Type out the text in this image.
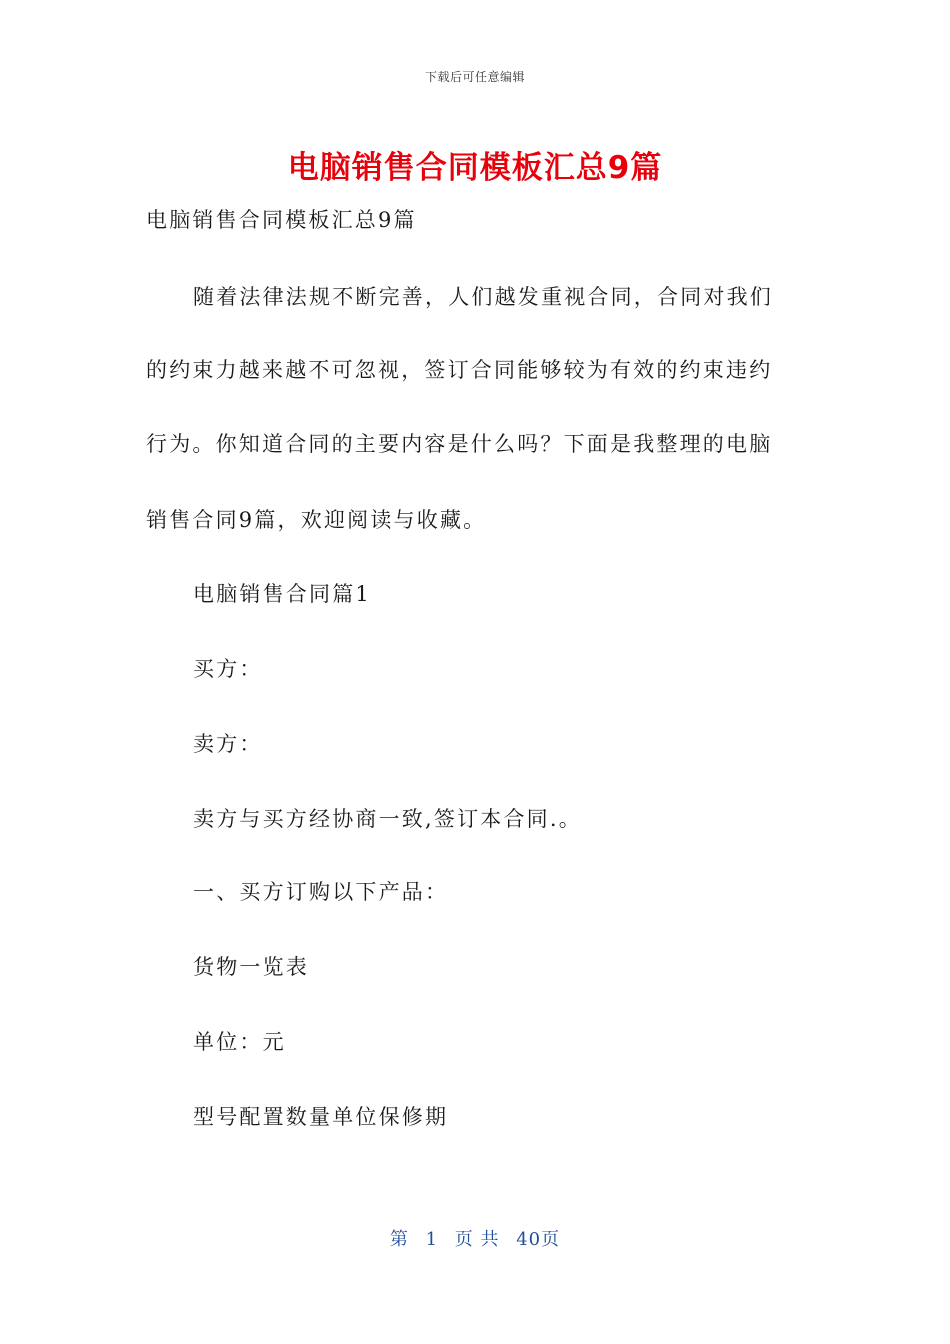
下载后可任意编辑
电脑销售合同模板汇总9篇
电脑销售合同模板汇总9篇
随着法律法规不断完善，人们越发重视合同，合同对我们
的约束力越来越不可忽视，签订合同能够较为有效的约束违约
行为。你知道合同的主要内容是什么吗？下面是我整理的电脑
销售合同9篇，欢迎阅读与收藏。
电脑销售合同篇1
买方：
卖方：
卖方与买方经协商一致,签订本合同.。
一、买方订购以下产品：
货物一览表
单位：元
型号配置数量单位保修期
第 1 页 共 40页
